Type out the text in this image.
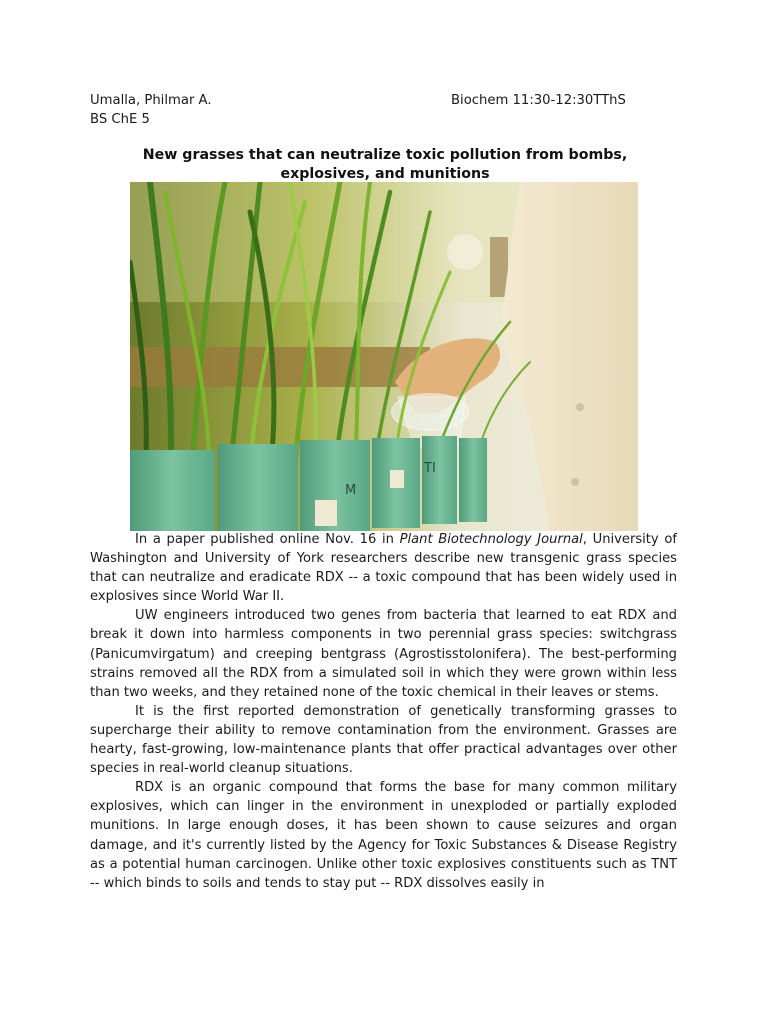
Umalla, Philmar A.
BS ChE 5
Biochem 11:30-12:30TThS
New grasses that can neutralize toxic pollution from bombs, explosives, and munitions
M
TI

In a paper published online Nov. 16 in Plant Biotechnology Journal, University of Washington and University of York researchers describe new transgenic grass species that can neutralize and eradicate RDX -- a toxic compound that has been widely used in explosives since World War II.

UW engineers introduced two genes from bacteria that learned to eat RDX and break it down into harmless components in two perennial grass species: switchgrass (Panicumvirgatum) and creeping bentgrass (Agrostisstolonifera). The best-performing strains removed all the RDX from a simulated soil in which they were grown within less than two weeks, and they retained none of the toxic chemical in their leaves or stems.

It is the first reported demonstration of genetically transforming grasses to supercharge their ability to remove contamination from the environment. Grasses are hearty, fast-growing, low-maintenance plants that offer practical advantages over other species in real-world cleanup situations.

RDX is an organic compound that forms the base for many common military explosives, which can linger in the environment in unexploded or partially exploded munitions. In large enough doses, it has been shown to cause seizures and organ damage, and it's currently listed by the Agency for Toxic Substances & Disease Registry as a potential human carcinogen. Unlike other toxic explosives constituents such as TNT -- which binds to soils and tends to stay put -- RDX dissolves easily in
